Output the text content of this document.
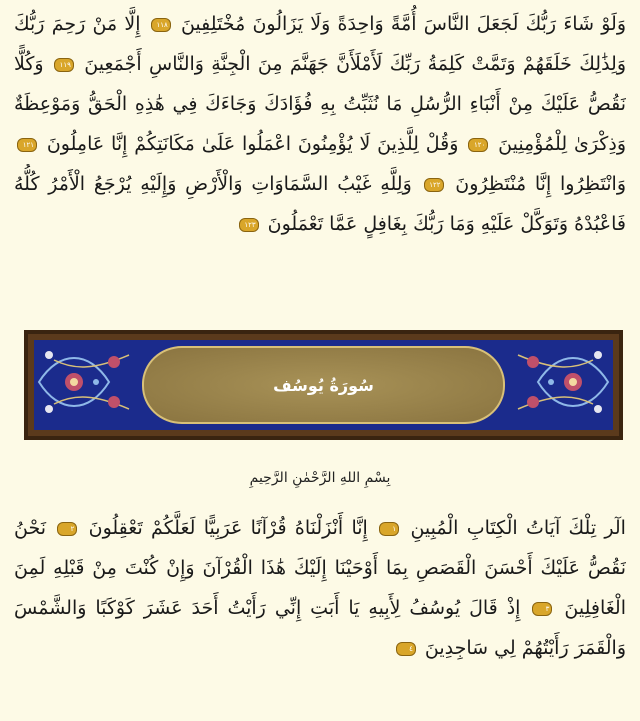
وَلَوْ شَاءَ رَبُّكَ لَجَعَلَ النَّاسَ أُمَّةً وَاحِدَةً وَلَا يَزَالُونَ مُخْتَلِفِينَ ١١٨ إِلَّا مَنْ رَحِمَ رَبُّكَ
وَلِذَٰلِكَ خَلَقَهُمْ وَتَمَّتْ كَلِمَةُ رَبِّكَ لَأَمْلَأَنَّ جَهَنَّمَ مِنَ الْجِنَّةِ وَالنَّاسِ أَجْمَعِينَ ١١٩ وَكُلًّا
نَقُصُّ عَلَيْكَ مِنْ أَنْبَاءِ الرُّسُلِ مَا نُثَبِّتُ بِهِ فُؤَادَكَ وَجَاءَكَ فِي هَٰذِهِ الْحَقُّ وَمَوْعِظَةٌ
وَذِكْرَىٰ لِلْمُؤْمِنِينَ ١٢٠ وَقُلْ لِلَّذِينَ لَا يُؤْمِنُونَ اعْمَلُوا عَلَىٰ مَكَانَتِكُمْ إِنَّا عَامِلُونَ ١٢١
وَانْتَظِرُوا إِنَّا مُنْتَظِرُونَ ١٢٢ وَلِلَّهِ غَيْبُ السَّمَاوَاتِ وَالْأَرْضِ وَإِلَيْهِ يُرْجَعُ الْأَمْرُ كُلُّهُ
فَاعْبُدْهُ وَتَوَكَّلْ عَلَيْهِ وَمَا رَبُّكَ بِغَافِلٍ عَمَّا تَعْمَلُونَ ١٢٣
سُورَةُ يُوسُف
بِسْمِ اللهِ الرَّحْمٰنِ الرَّحِيمِ
الٓر تِلْكَ آيَاتُ الْكِتَابِ الْمُبِينِ ١ إِنَّا أَنْزَلْنَاهُ قُرْآنًا عَرَبِيًّا لَعَلَّكُمْ تَعْقِلُونَ ٢ نَحْنُ
نَقُصُّ عَلَيْكَ أَحْسَنَ الْقَصَصِ بِمَا أَوْحَيْنَا إِلَيْكَ هَٰذَا الْقُرْآنَ وَإِنْ كُنْتَ مِنْ قَبْلِهِ لَمِنَ
الْغَافِلِينَ ٣ إِذْ قَالَ يُوسُفُ لِأَبِيهِ يَا أَبَتِ إِنِّي رَأَيْتُ أَحَدَ عَشَرَ كَوْكَبًا وَالشَّمْسَ
وَالْقَمَرَ رَأَيْتُهُمْ لِي سَاجِدِينَ ٤
